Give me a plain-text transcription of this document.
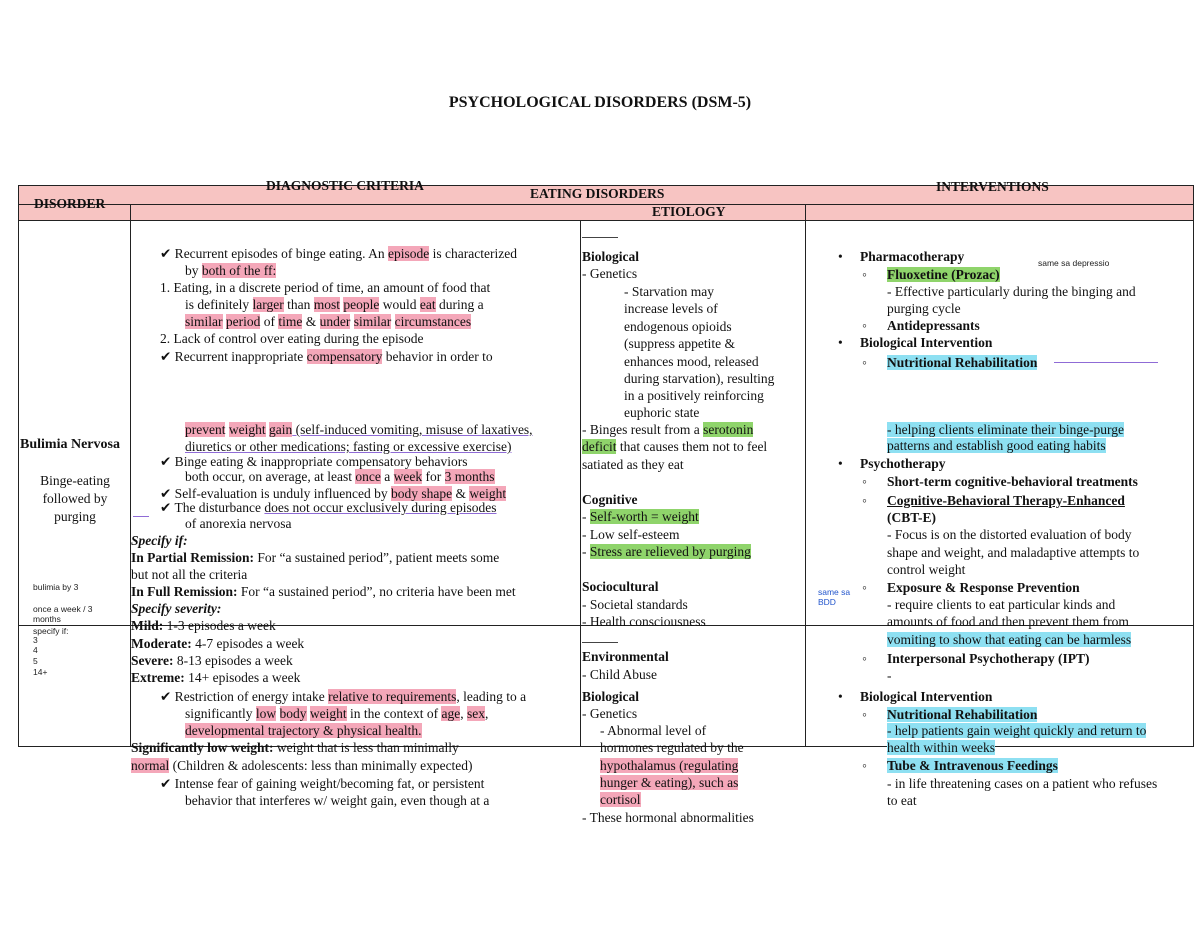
PSYCHOLOGICAL DISORDERS (DSM-5)
DIAGNOSTIC CRITERIA
EATING DISORDERS	INTERVENTIONS
DISORDER
ETIOLOGY
Bulimia Nervosa
Binge-eating
followed by
purging
bulimia by 3
once a week / 3
months
specify if:
3
4
5
14+
✔ Recurrent episodes of binge eating. An episode is characterized
by both of the ff:
1. Eating, in a discrete period of time, an amount of food that
is definitely larger than most people would eat during a
similar period of time & under similar circumstances
2. Lack of control over eating during the episode
✔ Recurrent inappropriate compensatory behavior in order to
prevent weight gain (self-induced vomiting, misuse of laxatives,
diuretics or other medications; fasting or excessive exercise)
✔ Binge eating & inappropriate compensatory behaviors
both occur, on average, at least once a week for 3 months
✔ Self-evaluation is unduly influenced by body shape & weight
✔ The disturbance does not occur exclusively during episodes
of anorexia nervosa
Specify if:
In Partial Remission: For “a sustained period”, patient meets some
but not all the criteria
In Full Remission: For “a sustained period”, no criteria have been met
Specify severity:
Mild: 1-3 episodes a week
Moderate: 4-7 episodes a week
Severe: 8-13 episodes a week
Extreme: 14+ episodes a week
✔ Restriction of energy intake relative to requirements, leading to a
significantly low body weight in the context of age, sex,
developmental trajectory & physical health.
Significantly low weight: weight that is less than minimally
normal (Children & adolescents: less than minimally expected)
✔ Intense fear of gaining weight/becoming fat, or persistent
behavior that interferes w/ weight gain, even though at a
Biological
- Genetics
- Starvation may
increase levels of
endogenous opioids
(suppress appetite &
enhances mood, released
during starvation), resulting
in a positively reinforcing
euphoric state
- Binges result from a serotonin
deficit that causes them not to feel
satiated as they eat
Cognitive
- Self-worth = weight
- Low self-esteem
- Stress are relieved by purging
Sociocultural
- Societal standards
- Health consciousness
Environmental
- Child Abuse
Biological
- Genetics
- Abnormal level of
hormones regulated by the
hypothalamus (regulating
hunger & eating), such as
cortisol
- These hormonal abnormalities
• Pharmacotherapy	same sa depressio
◦ Fluoxetine (Prozac)
- Effective particularly during the binging and
purging cycle
◦ Antidepressants
• Biological Intervention
◦ Nutritional Rehabilitation
- helping clients eliminate their binge-purge
patterns and establish good eating habits
• Psychotherapy
◦ Short-term cognitive-behavioral treatments
◦ Cognitive-Behavioral Therapy-Enhanced
(CBT-E)
- Focus is on the distorted evaluation of body
shape and weight, and maladaptive attempts to
control weight
same sa
BDD
◦ Exposure & Response Prevention
- require clients to eat particular kinds and
amounts of food and then prevent them from
vomiting to show that eating can be harmless
◦ Interpersonal Psychotherapy (IPT)
-
• Biological Intervention
◦ Nutritional Rehabilitation
- help patients gain weight quickly and return to
health within weeks
◦ Tube & Intravenous Feedings
- in life threatening cases on a patient who refuses
to eat
